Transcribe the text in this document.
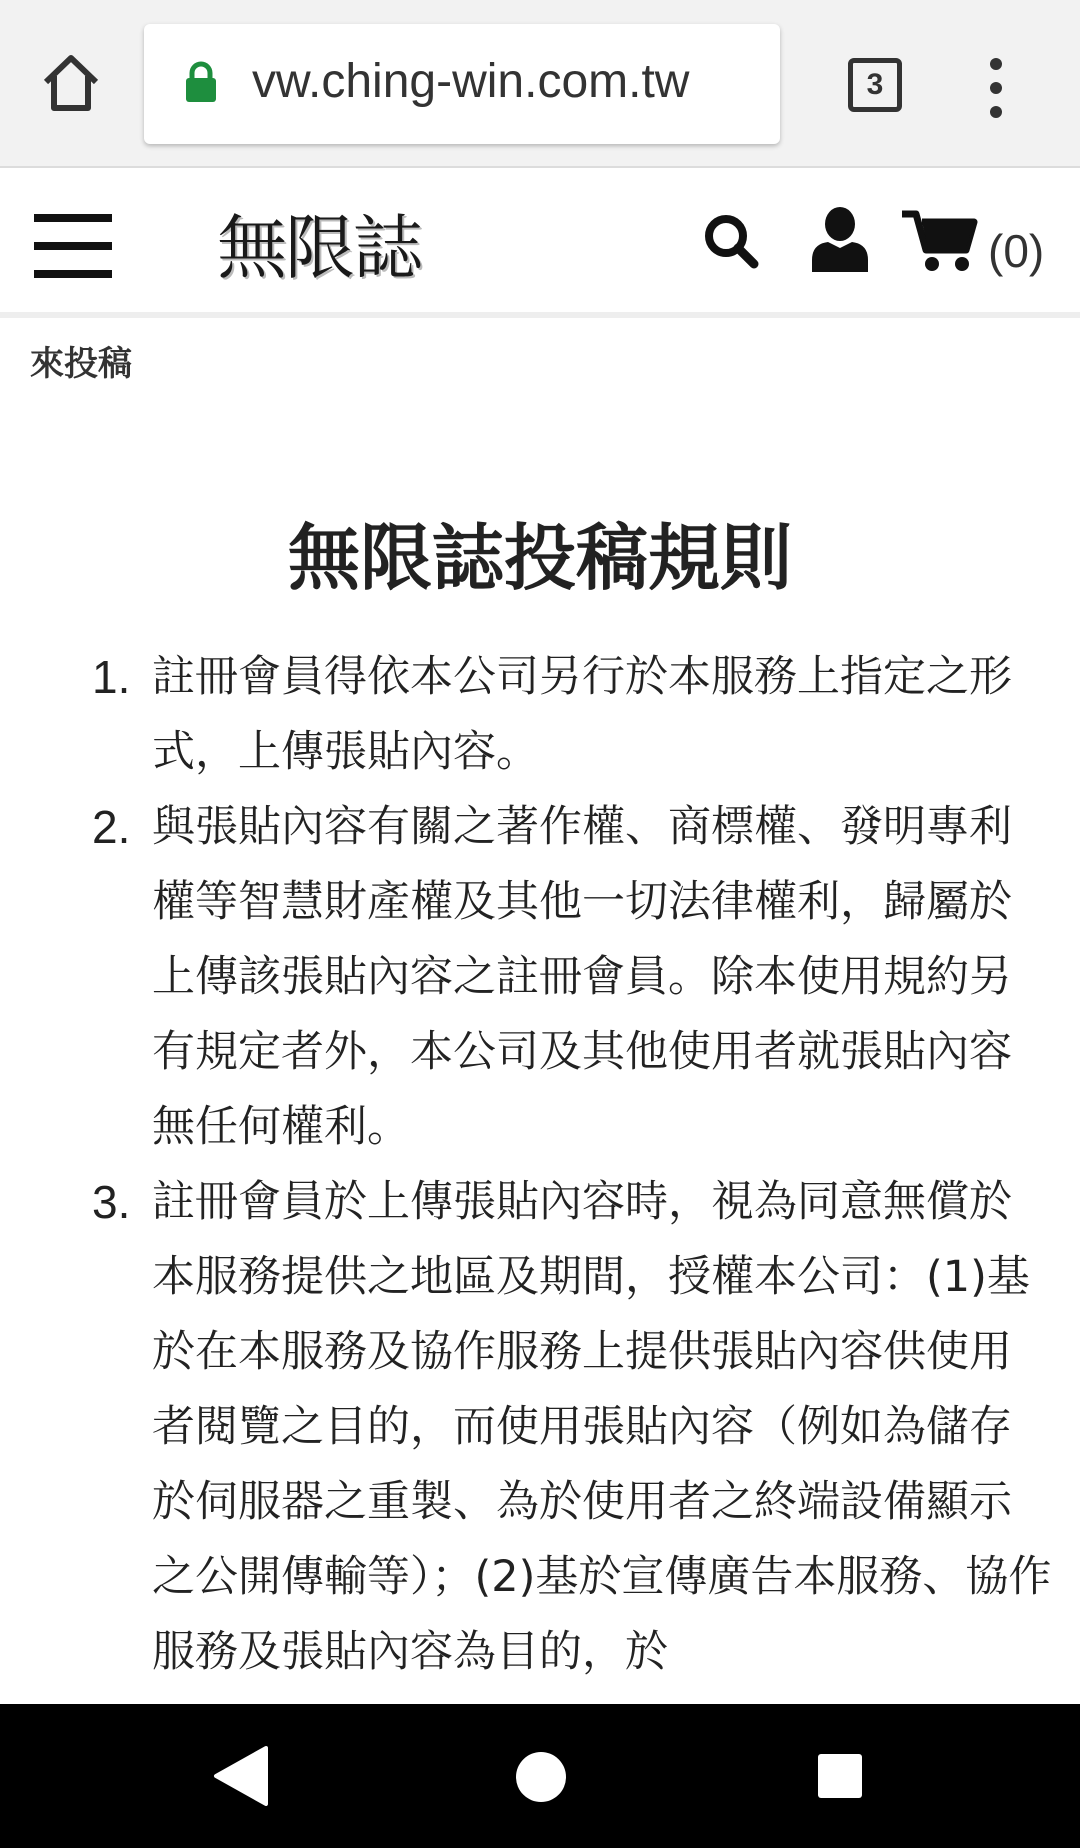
vw.ching-win.com.tw	3
無限誌	(0)
來投稿
無限誌投稿規則
1. 註冊會員得依本公司另行於本服務上指定之形式，上傳張貼內容。
2. 與張貼內容有關之著作權、商標權、發明專利權等智慧財產權及其他一切法律權利，歸屬於上傳該張貼內容之註冊會員。除本使用規約另有規定者外，本公司及其他使用者就張貼內容無任何權利。
3. 註冊會員於上傳張貼內容時，視為同意無償於本服務提供之地區及期間，授權本公司：(1)基於在本服務及協作服務上提供張貼內容供使用者閱覽之目的，而使用張貼內容（例如為儲存於伺服器之重製、為於使用者之終端設備顯示之公開傳輸等）；(2)基於宣傳廣告本服務、協作服務及張貼內容為目的，於
